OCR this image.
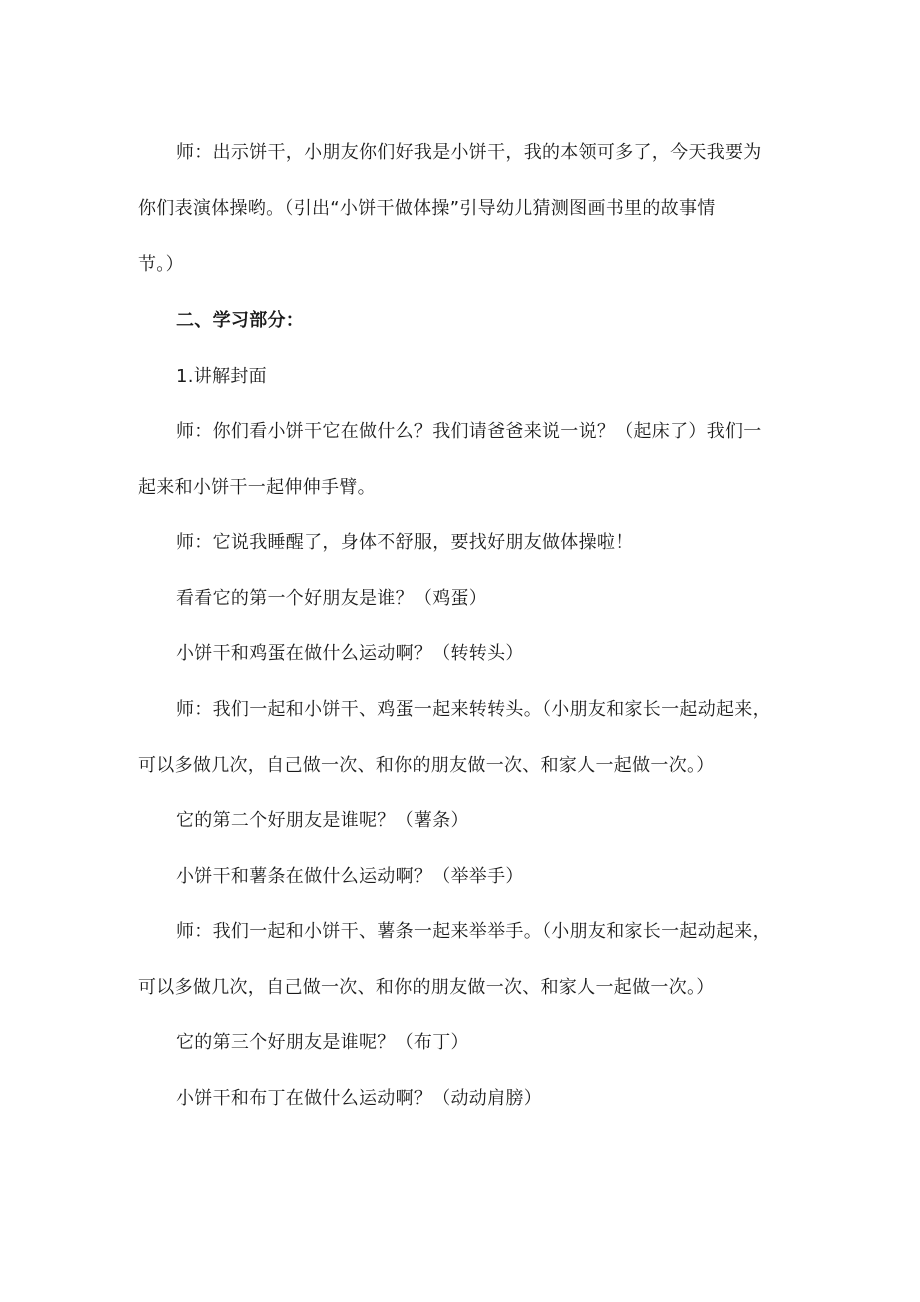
师：出示饼干，小朋友你们好我是小饼干，我的本领可多了，今天我要为
你们表演体操哟。（引出“小饼干做体操”引导幼儿猜测图画书里的故事情
节。）
二、学习部分：
1.讲解封面
师：你们看小饼干它在做什么？我们请爸爸来说一说？（起床了）我们一
起来和小饼干一起伸伸手臂。
师：它说我睡醒了，身体不舒服，要找好朋友做体操啦！
看看它的第一个好朋友是谁？（鸡蛋）
小饼干和鸡蛋在做什么运动啊？（转转头）
师：我们一起和小饼干、鸡蛋一起来转转头。（小朋友和家长一起动起来，
可以多做几次，自己做一次、和你的朋友做一次、和家人一起做一次。）
它的第二个好朋友是谁呢？（薯条）
小饼干和薯条在做什么运动啊？（举举手）
师：我们一起和小饼干、薯条一起来举举手。（小朋友和家长一起动起来，
可以多做几次，自己做一次、和你的朋友做一次、和家人一起做一次。）
它的第三个好朋友是谁呢？（布丁）
小饼干和布丁在做什么运动啊？（动动肩膀）
